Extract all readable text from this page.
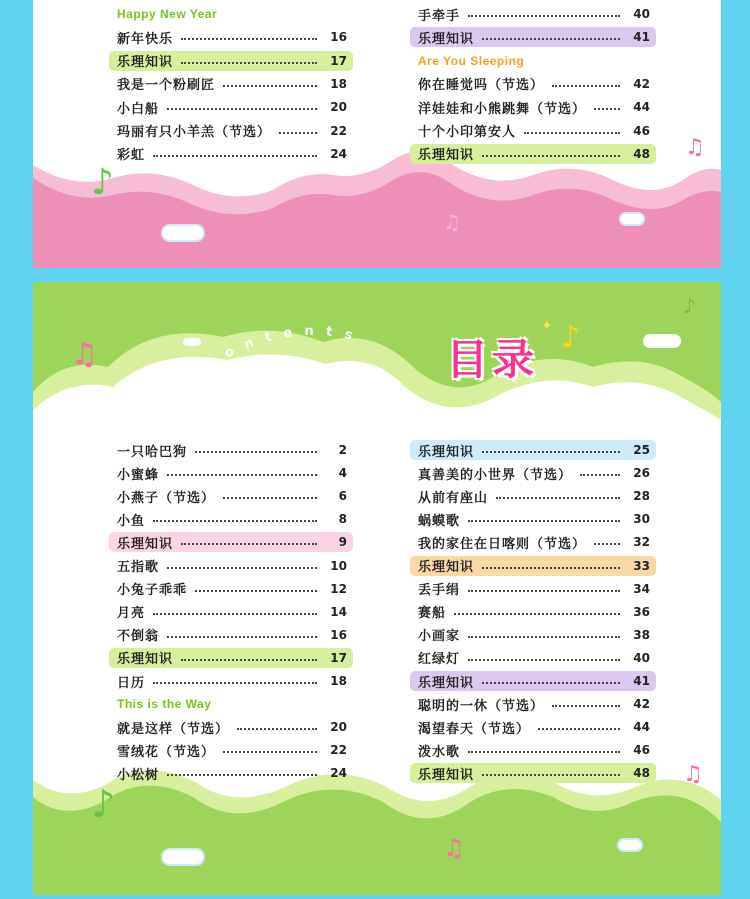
Happy New Year
新年快乐	16
乐理知识	17
我是一个粉刷匠	18
小白船	20
玛丽有只小羊羔（节选）	22
彩虹	24
手牵手	40
乐理知识	41
Are You Sleeping
你在睡觉吗（节选）	42
洋娃娃和小熊跳舞（节选）	44
十个小印第安人	46
乐理知识	48
♪
♫
♫
contents 目录
✦ ♪
♫
♪
♪
♫
♫
一只哈巴狗	2
小蜜蜂	4
小燕子（节选）	6
小鱼	8
乐理知识	9
五指歌	10
小兔子乖乖	12
月亮	14
不倒翁	16
乐理知识	17
日历	18
This is the Way
就是这样（节选）	20
雪绒花（节选）	22
小松树	24
乐理知识	25
真善美的小世界（节选）	26
从前有座山	28
蜗蟆歌	30
我的家住在日喀则（节选）	32
乐理知识	33
丢手绢	34
赛船	36
小画家	38
红绿灯	40
乐理知识	41
聪明的一休（节选）	42
渴望春天（节选）	44
泼水歌	46
乐理知识	48
